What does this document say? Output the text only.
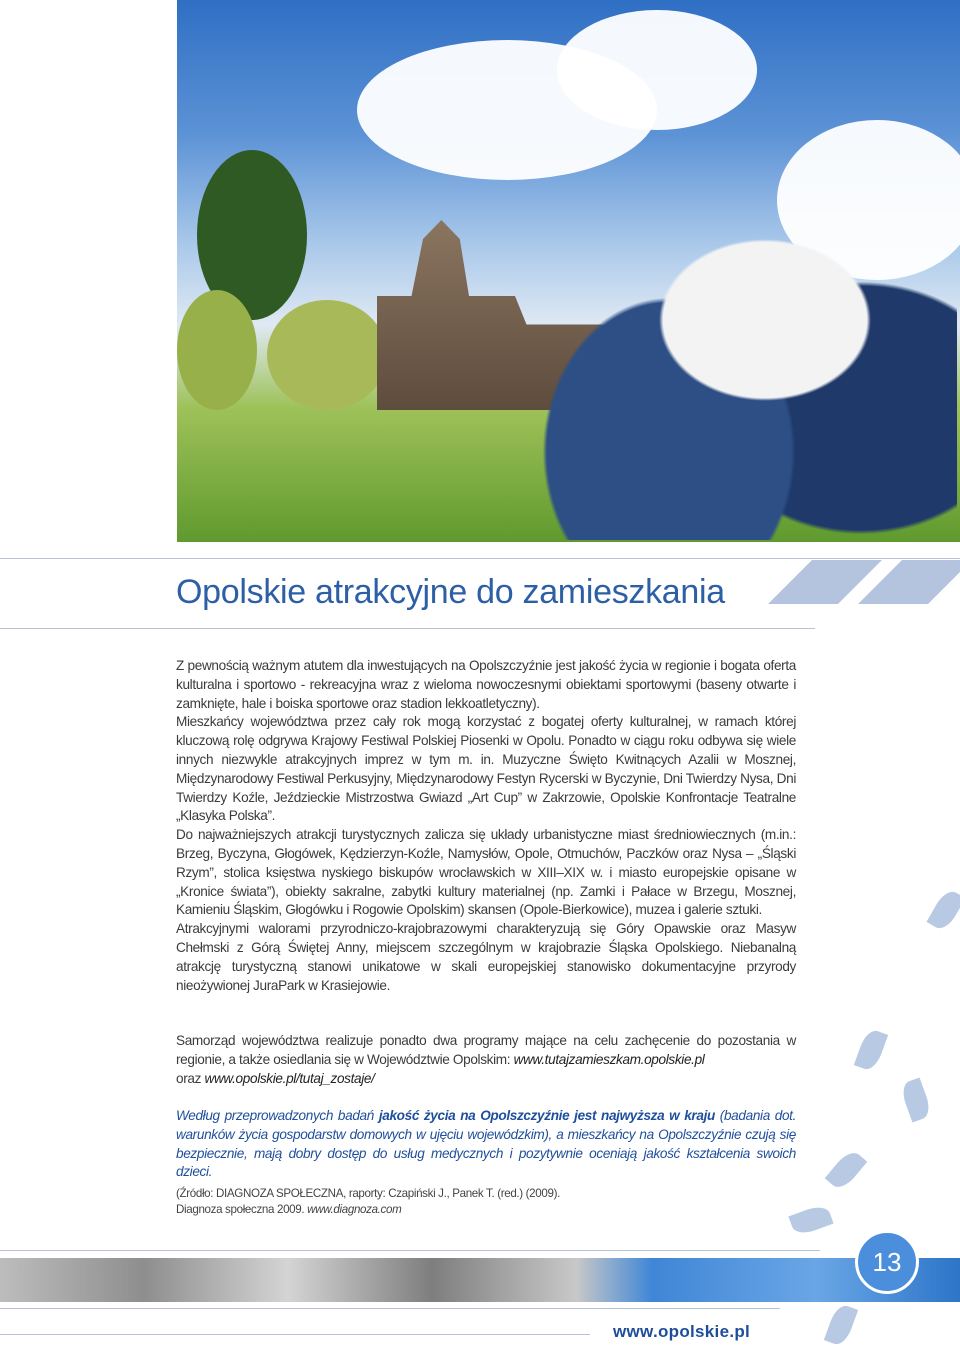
Opolskie atrakcyjne do zamieszkania

Z pewnością ważnym atutem dla inwestujących na Opolszczyźnie jest jakość życia w regionie i bogata oferta kulturalna i sportowo - rekreacyjna wraz z wieloma nowoczesnymi obiektami sportowymi (baseny otwarte i zamknięte, hale i boiska sportowe oraz stadion lekkoatletyczny).

Mieszkańcy województwa przez cały rok mogą korzystać z bogatej oferty kulturalnej, w ramach której kluczową rolę odgrywa Krajowy Festiwal Polskiej Piosenki w Opolu. Ponadto w ciągu roku odbywa się wiele innych niezwykle atrakcyjnych imprez w tym m. in. Muzyczne Święto Kwitnących Azalii w Mosznej, Międzynarodowy Festiwal Perkusyjny, Międzynarodowy Festyn Rycerski w Byczynie, Dni Twierdzy Nysa, Dni Twierdzy Koźle, Jeździeckie Mistrzostwa Gwiazd „Art Cup” w Zakrzowie, Opolskie Konfrontacje Teatralne „Klasyka Polska”.

Do najważniejszych atrakcji turystycznych zalicza się układy urbanistyczne miast średniowiecznych (m.in.: Brzeg, Byczyna, Głogówek, Kędzierzyn-Koźle, Namysłów, Opole, Otmuchów, Paczków oraz Nysa – „Śląski Rzym”, stolica księstwa nyskiego biskupów wrocławskich w XIII–XIX w. i miasto europejskie opisane w „Kronice świata”), obiekty sakralne, zabytki kultury materialnej (np. Zamki i Pałace w Brzegu, Mosznej, Kamieniu Śląskim, Głogówku i Rogowie Opolskim) skansen (Opole-Bierkowice), muzea i galerie sztuki.

Atrakcyjnymi walorami przyrodniczo-krajobrazowymi charakteryzują się Góry Opawskie oraz Masyw Chełmski z Górą Świętej Anny, miejscem szczególnym w krajobrazie Śląska Opolskiego. Niebanalną atrakcję turystyczną stanowi unikatowe w skali europejskiej stanowisko dokumentacyjne przyrody nieożywionej JuraPark w Krasiejowie.

Samorząd województwa realizuje ponadto dwa programy mające na celu zachęcenie do pozostania w regionie, a także osiedlania się w Województwie Opolskim: www.tutajzamieszkam.opolskie.pl
oraz www.opolskie.pl/tutaj_zostaje/
Według przeprowadzonych badań jakość życia na Opolszczyźnie jest najwyższa w kraju (badania dot. warunków życia gospodarstw domowych w ujęciu wojewódzkim), a mieszkańcy na Opolszczyźnie czują się bezpiecznie, mają dobry dostęp do usług medycznych i pozytywnie oceniają jakość kształcenia swoich dzieci.
(Źródło: DIAGNOZA SPOŁECZNA, raporty: Czapiński J., Panek T. (red.) (2009).
Diagnoza społeczna 2009. www.diagnoza.com
13
www.opolskie.pl
